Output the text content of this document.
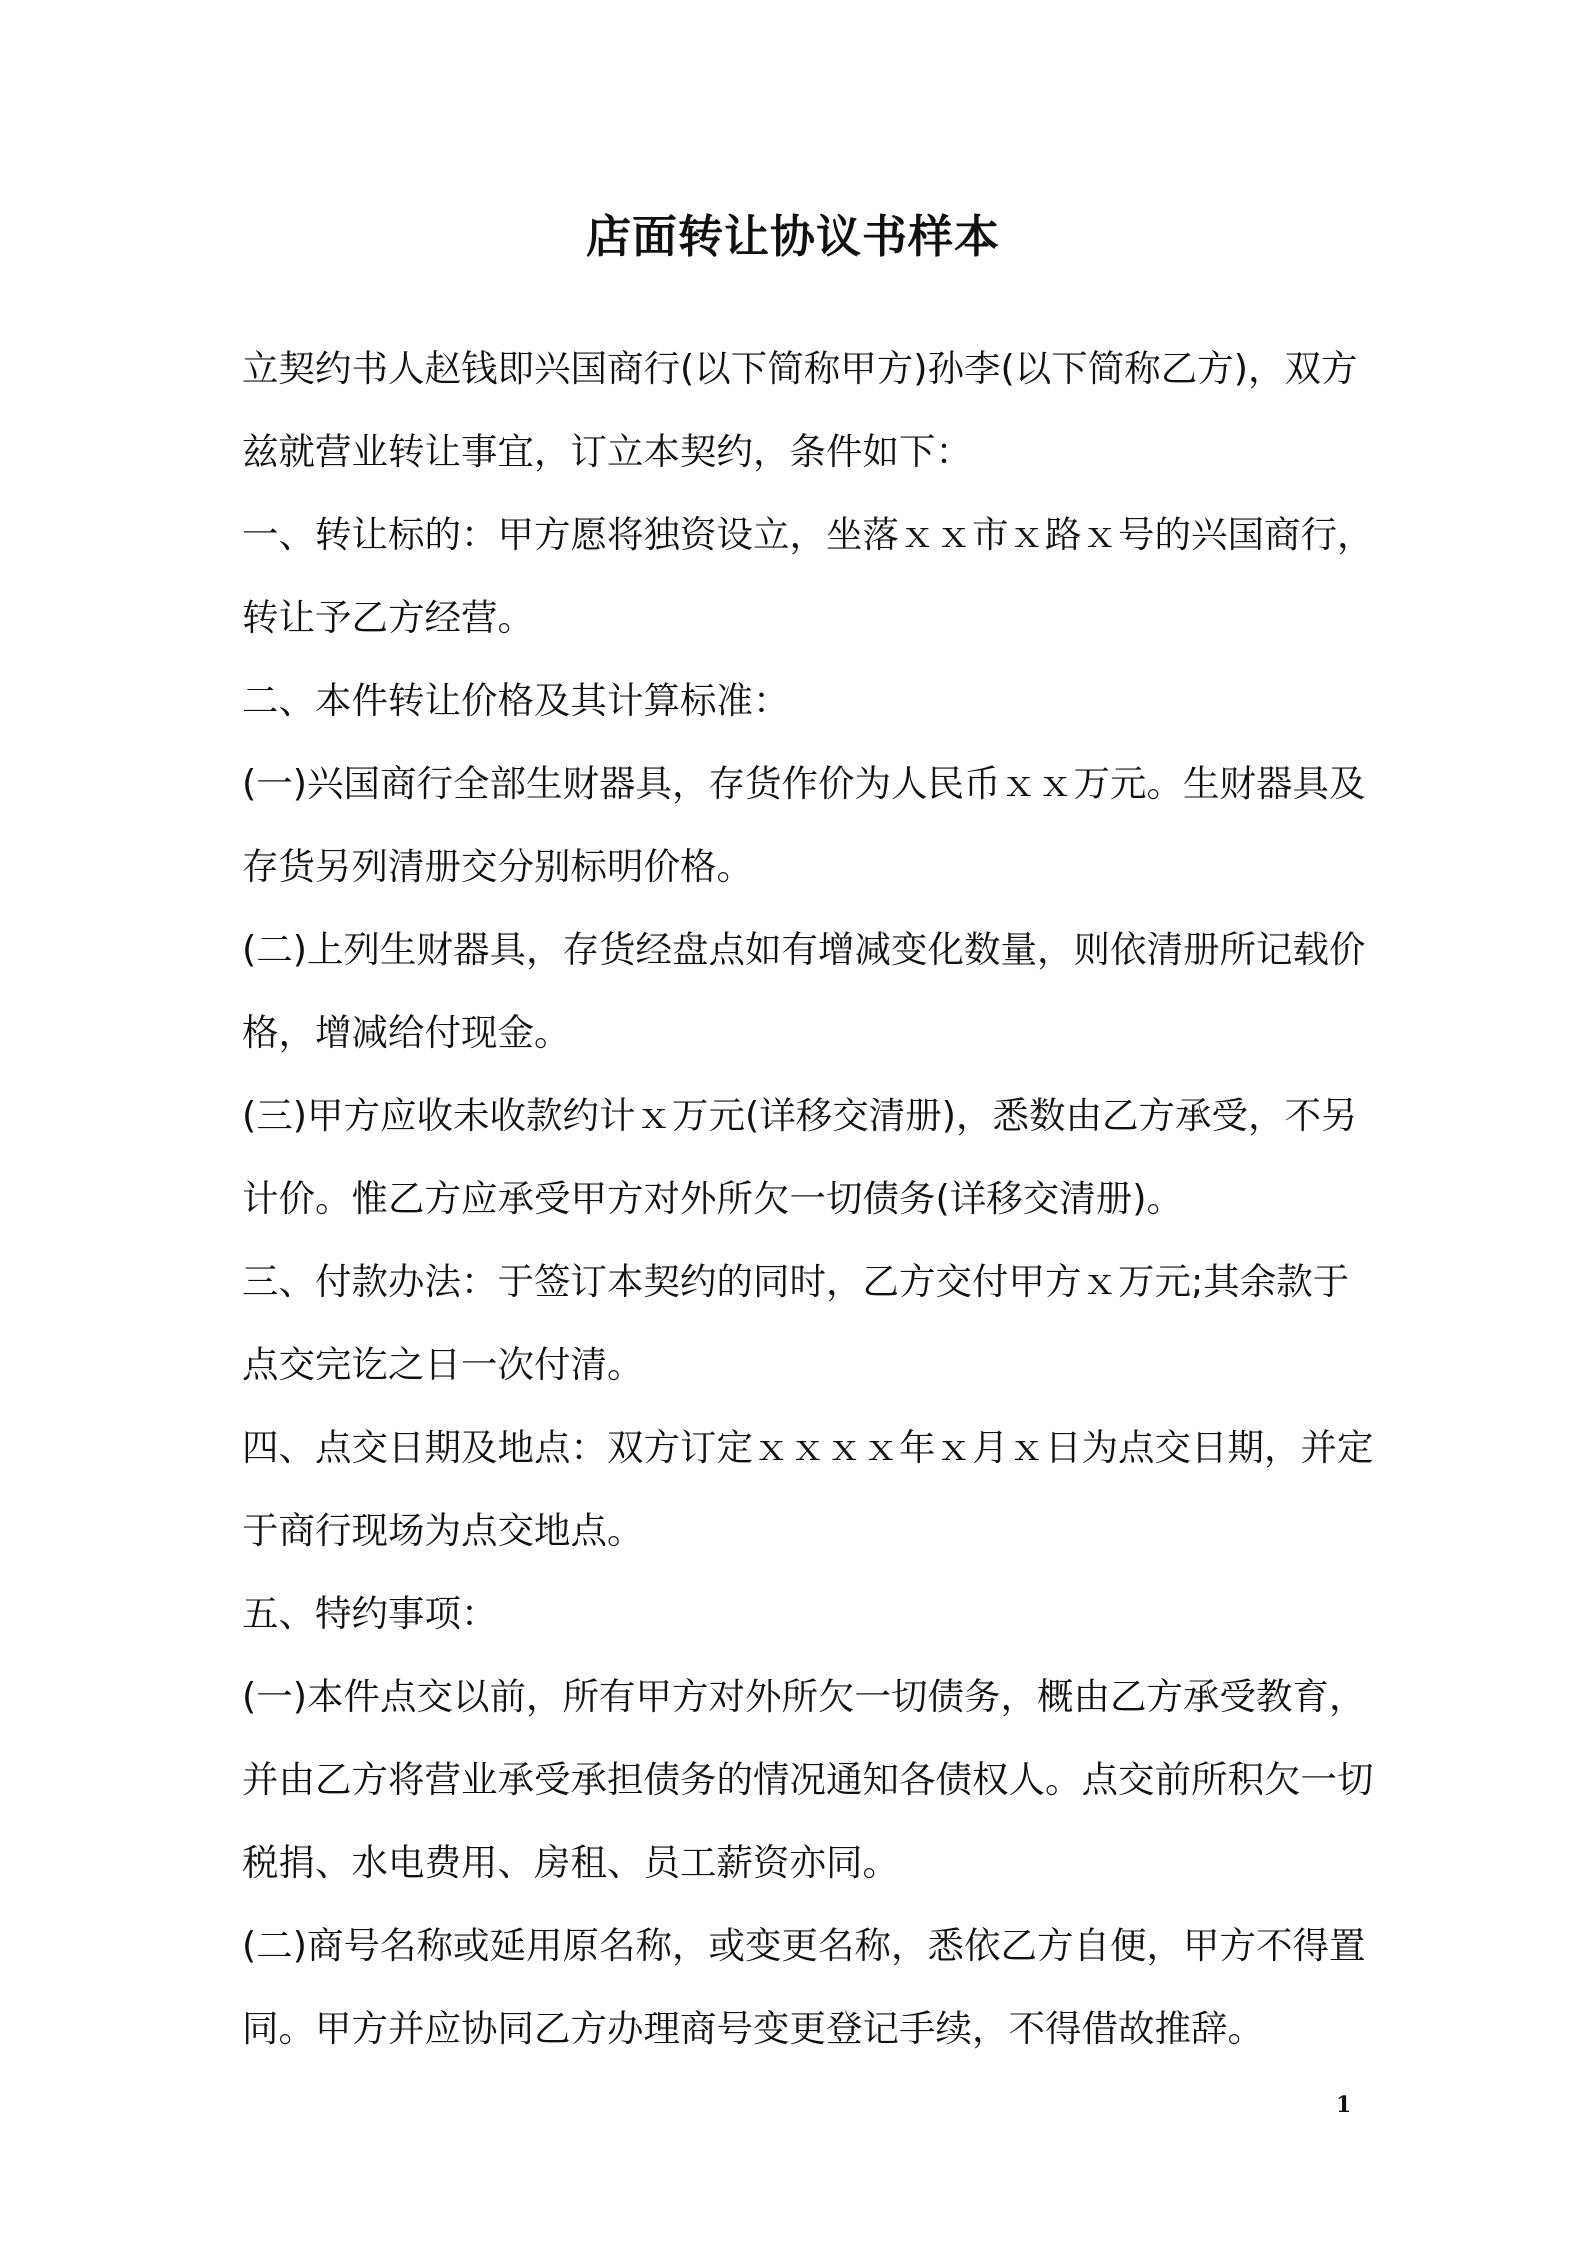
店面转让协议书样本

立契约书人赵钱即兴国商行(以下简称甲方)孙李(以下简称乙方)，双方兹就营业转让事宜，订立本契约，条件如下：

一、转让标的：甲方愿将独资设立，坐落ｘｘ市ｘ路ｘ号的兴国商行，转让予乙方经营。

二、本件转让价格及其计算标准：

(一)兴国商行全部生财器具，存货作价为人民币ｘｘ万元。生财器具及存货另列清册交分别标明价格。

(二)上列生财器具，存货经盘点如有增减变化数量，则依清册所记载价格，增减给付现金。

(三)甲方应收未收款约计ｘ万元(详移交清册)，悉数由乙方承受，不另计价。惟乙方应承受甲方对外所欠一切债务(详移交清册)。

三、付款办法：于签订本契约的同时，乙方交付甲方ｘ万元;其余款于点交完讫之日一次付清。

四、点交日期及地点：双方订定ｘｘｘｘ年ｘ月ｘ日为点交日期，并定于商行现场为点交地点。

五、特约事项：

(一)本件点交以前，所有甲方对外所欠一切债务，概由乙方承受教育，并由乙方将营业承受承担债务的情况通知各债权人。点交前所积欠一切税捐、水电费用、房租、员工薪资亦同。

(二)商号名称或延用原名称，或变更名称，悉依乙方自便，甲方不得置同。甲方并应协同乙方办理商号变更登记手续，不得借故推辞。

1
